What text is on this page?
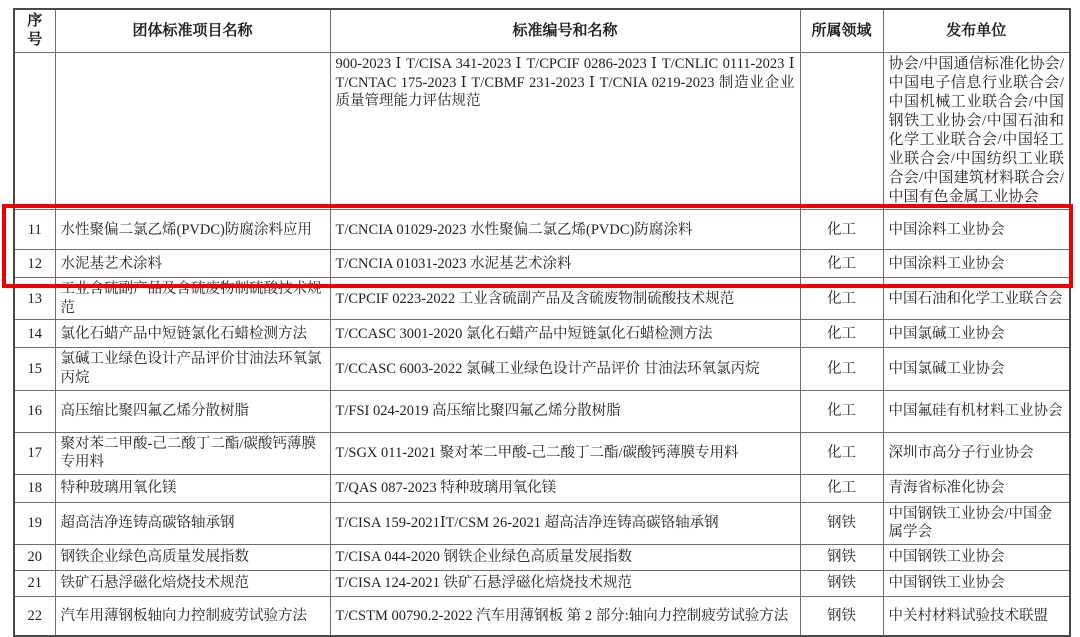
序号	团体标准项目名称	标准编号和名称	所属领域	发布单位
		900-2023 Ⅰ T/CISA 341-2023 Ⅰ T/CPCIF 0286-2023 Ⅰ T/CNLIC 0111-2023 Ⅰ T/CNTAC 175-2023 Ⅰ T/CBMF 231-2023 Ⅰ T/CNIA 0219-2023 制造业企业质量管理能力评估规范		协会/中国通信标准化协会/中国电子信息行业联合会/中国机械工业联合会/中国钢铁工业协会/中国石油和化学工业联合会/中国轻工业联合会/中国纺织工业联合会/中国建筑材料联合会/中国有色金属工业协会
11	水性聚偏二氯乙烯(PVDC)防腐涂料应用	T/CNCIA 01029-2023 水性聚偏二氯乙烯(PVDC)防腐涂料	化工	中国涂料工业协会
12	水泥基艺术涂料	T/CNCIA 01031-2023 水泥基艺术涂料	化工	中国涂料工业协会
13	工业含硫副产品及含硫废物制硫酸技术规范	T/CPCIF 0223-2022 工业含硫副产品及含硫废物制硫酸技术规范	化工	中国石油和化学工业联合会
14	氯化石蜡产品中短链氯化石蜡检测方法	T/CCASC 3001-2020 氯化石蜡产品中短链氯化石蜡检测方法	化工	中国氯碱工业协会
15	氯碱工业绿色设计产品评价甘油法环氧氯丙烷	T/CCASC 6003-2022 氯碱工业绿色设计产品评价 甘油法环氧氯丙烷	化工	中国氯碱工业协会
16	高压缩比聚四氟乙烯分散树脂	T/FSI 024-2019 高压缩比聚四氟乙烯分散树脂	化工	中国氟硅有机材料工业协会
17	聚对苯二甲酸-己二酸丁二酯/碳酸钙薄膜专用料	T/SGX 011-2021 聚对苯二甲酸-己二酸丁二酯/碳酸钙薄膜专用料	化工	深圳市高分子行业协会
18	特种玻璃用氧化镁	T/QAS 087-2023 特种玻璃用氧化镁	化工	青海省标准化协会
19	超高洁净连铸高碳铬轴承钢	T/CISA 159-2021ⅠT/CSM 26-2021 超高洁净连铸高碳铬轴承钢	钢铁	中国钢铁工业协会/中国金属学会
20	钢铁企业绿色高质量发展指数	T/CISA 044-2020 钢铁企业绿色高质量发展指数	钢铁	中国钢铁工业协会
21	铁矿石悬浮磁化焙烧技术规范	T/CISA 124-2021 铁矿石悬浮磁化焙烧技术规范	钢铁	中国钢铁工业协会
22	汽车用薄钢板轴向力控制疲劳试验方法	T/CSTM 00790.2-2022 汽车用薄钢板 第 2 部分:轴向力控制疲劳试验方法	钢铁	中关村材料试验技术联盟
